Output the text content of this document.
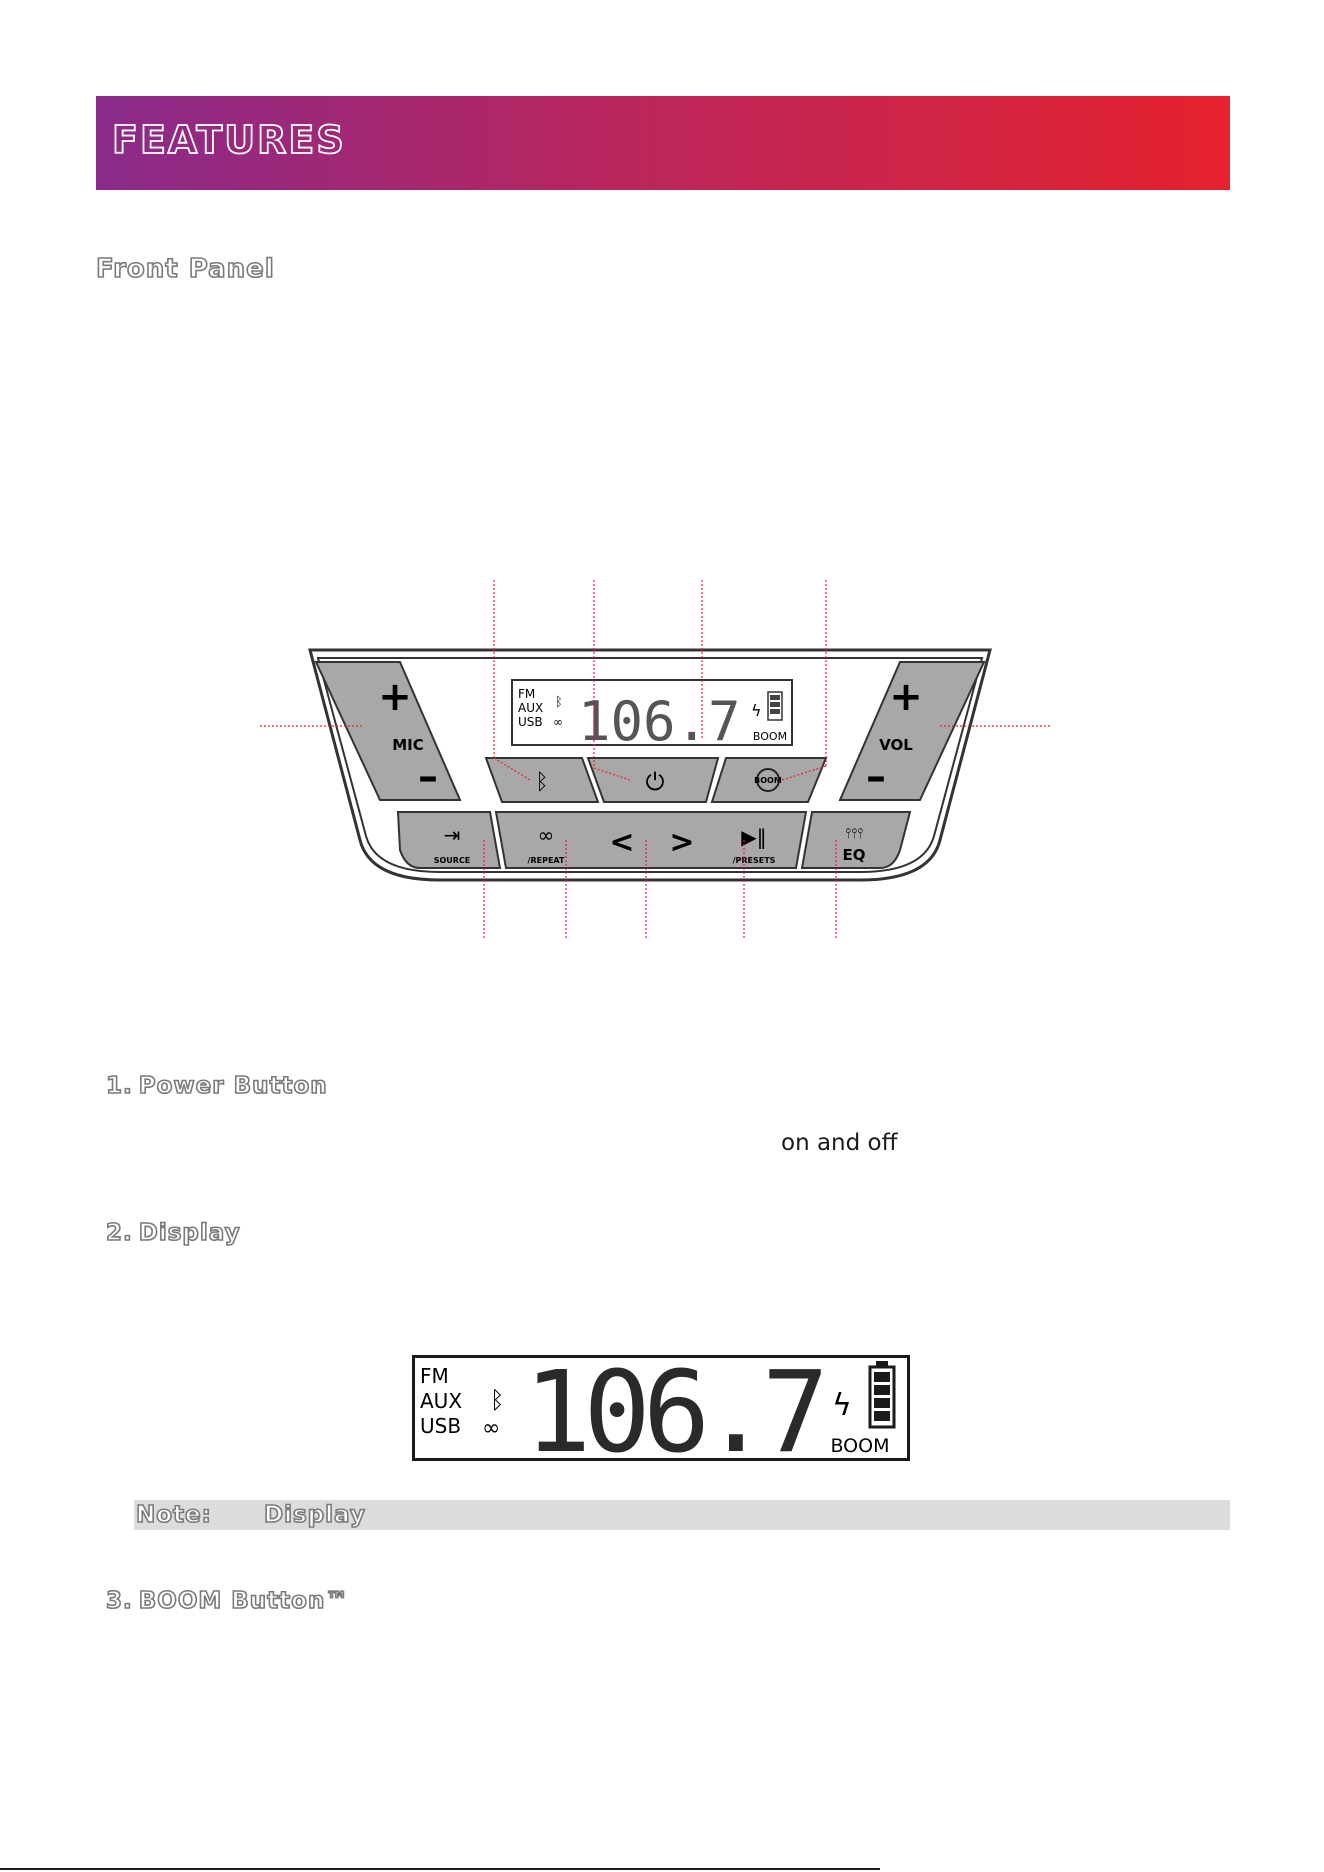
FEATURES
Front Panel
+
MIC
–
+
VOL
–
FM
AUX
USB
ᛒ
∞ 106.7 ϟ
BOOM
ᛒ	⏻	BOOM
⇥
SOURCE
∞
/REPEAT
< > ▶‖
/PRESETS
⫯⫯⫯
EQ
1. Power Button
on and off
2. Display
FM
AUX
USB
ᛒ
∞ 106.7 ϟ
BOOM
Note: Display
3. BOOM Button™
